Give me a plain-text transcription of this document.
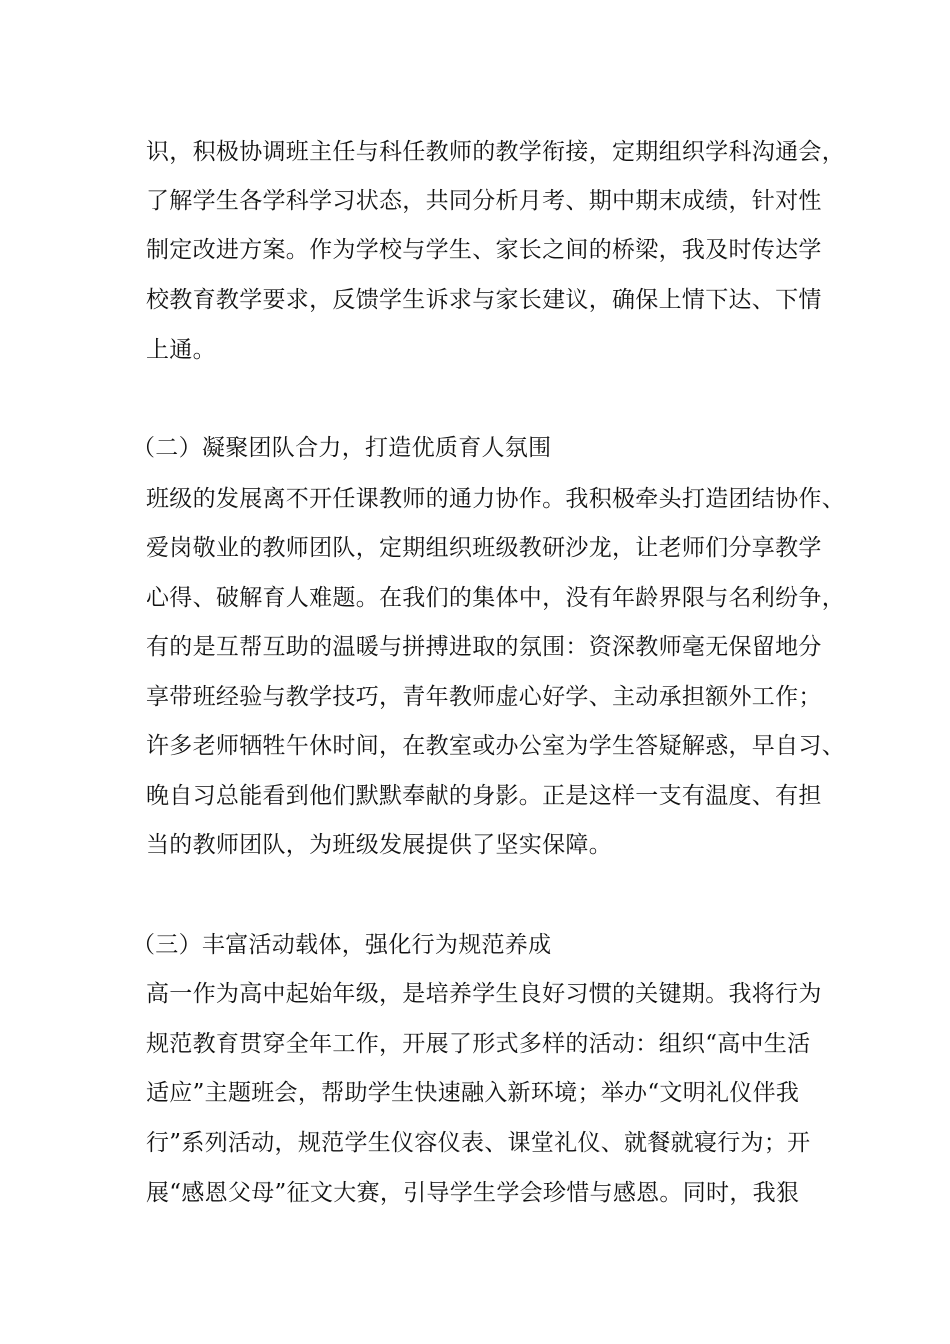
识，积极协调班主任与科任教师的教学衔接，定期组织学科沟通会，
了解学生各学科学习状态，共同分析月考、期中期末成绩，针对性
制定改进方案。作为学校与学生、家长之间的桥梁，我及时传达学
校教育教学要求，反馈学生诉求与家长建议，确保上情下达、下情
上通。
（二）凝聚团队合力，打造优质育人氛围
班级的发展离不开任课教师的通力协作。我积极牵头打造团结协作、
爱岗敬业的教师团队，定期组织班级教研沙龙，让老师们分享教学
心得、破解育人难题。在我们的集体中，没有年龄界限与名利纷争，
有的是互帮互助的温暖与拼搏进取的氛围：资深教师毫无保留地分
享带班经验与教学技巧，青年教师虚心好学、主动承担额外工作；
许多老师牺牲午休时间，在教室或办公室为学生答疑解惑，早自习、
晚自习总能看到他们默默奉献的身影。正是这样一支有温度、有担
当的教师团队，为班级发展提供了坚实保障。
（三）丰富活动载体，强化行为规范养成
高一作为高中起始年级，是培养学生良好习惯的关键期。我将行为
规范教育贯穿全年工作，开展了形式多样的活动：组织“高中生活
适应”主题班会，帮助学生快速融入新环境；举办“文明礼仪伴我
行”系列活动，规范学生仪容仪表、课堂礼仪、就餐就寝行为；开
展“感恩父母”征文大赛，引导学生学会珍惜与感恩。同时，我狠
